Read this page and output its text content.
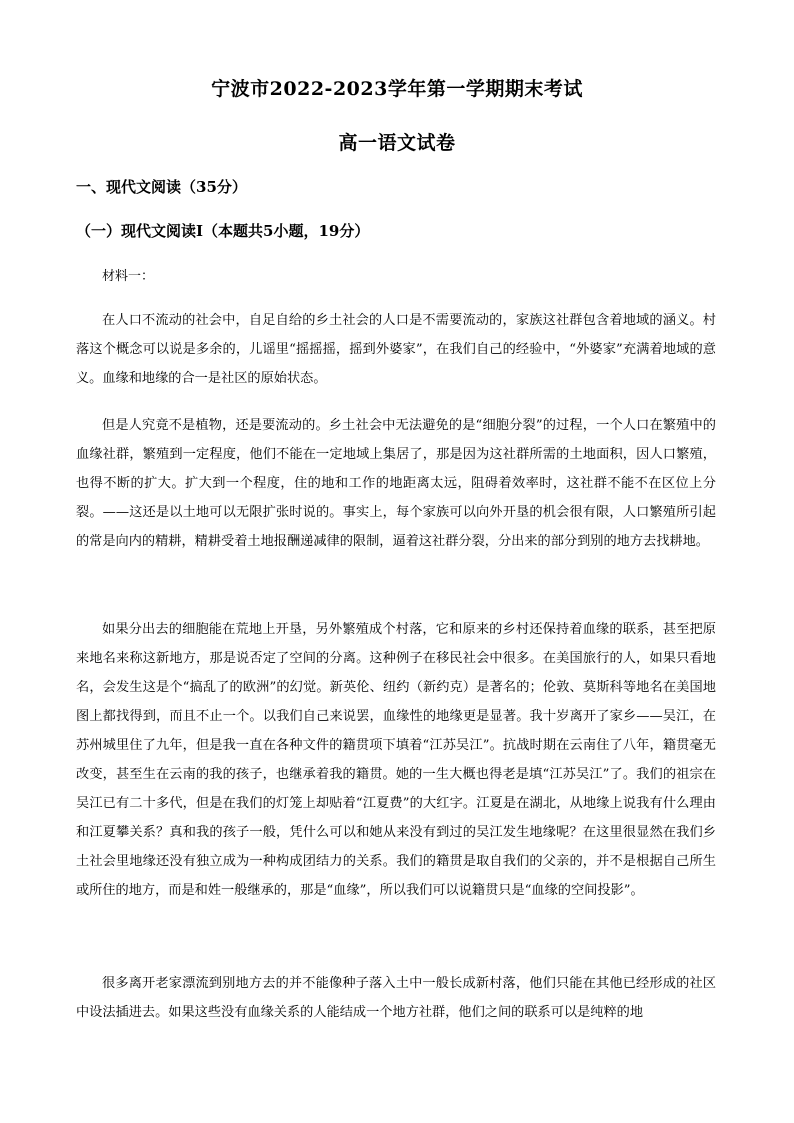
宁波市2022-2023学年第一学期期末考试
高一语文试卷
一、现代文阅读（35分）
（一）现代文阅读Ⅰ（本题共5小题，19分）
材料一：

在人口不流动的社会中，自足自给的乡土社会的人口是不需要流动的，家族这社群包含着地域的涵义。村落这个概念可以说是多余的，儿谣里“摇摇摇，摇到外婆家”，在我们自己的经验中，“外婆家”充满着地域的意义。血缘和地缘的合一是社区的原始状态。

但是人究竟不是植物，还是要流动的。乡土社会中无法避免的是“细胞分裂”的过程，一个人口在繁殖中的血缘社群，繁殖到一定程度，他们不能在一定地域上集居了，那是因为这社群所需的土地面积，因人口繁殖，也得不断的扩大。扩大到一个程度，住的地和工作的地距离太远，阻碍着效率时，这社群不能不在区位上分裂。——这还是以土地可以无限扩张时说的。事实上，每个家族可以向外开垦的机会很有限，人口繁殖所引起的常是向内的精耕，精耕受着土地报酬递减律的限制，逼着这社群分裂，分出来的部分到别的地方去找耕地。

如果分出去的细胞能在荒地上开垦，另外繁殖成个村落，它和原来的乡村还保持着血缘的联系，甚至把原来地名来称这新地方，那是说否定了空间的分离。这种例子在移民社会中很多。在美国旅行的人，如果只看地名，会发生这是个“搞乱了的欧洲”的幻觉。新英伦、纽约（新约克）是著名的；伦敦、莫斯科等地名在美国地图上都找得到，而且不止一个。以我们自己来说罢，血缘性的地缘更是显著。我十岁离开了家乡——吴江，在苏州城里住了九年，但是我一直在各种文件的籍贯项下填着“江苏吴江”。抗战时期在云南住了八年，籍贯毫无改变，甚至生在云南的我的孩子，也继承着我的籍贯。她的一生大概也得老是填“江苏吴江”了。我们的祖宗在吴江已有二十多代，但是在我们的灯笼上却贴着“江夏费”的大红字。江夏是在湖北，从地缘上说我有什么理由和江夏攀关系？真和我的孩子一般，凭什么可以和她从来没有到过的吴江发生地缘呢？在这里很显然在我们乡土社会里地缘还没有独立成为一种构成团结力的关系。我们的籍贯是取自我们的父亲的，并不是根据自己所生或所住的地方，而是和姓一般继承的，那是“血缘”，所以我们可以说籍贯只是“血缘的空间投影”。

很多离开老家漂流到别地方去的并不能像种子落入土中一般长成新村落，他们只能在其他已经形成的社区中设法插进去。如果这些没有血缘关系的人能结成一个地方社群，他们之间的联系可以是纯粹的地
